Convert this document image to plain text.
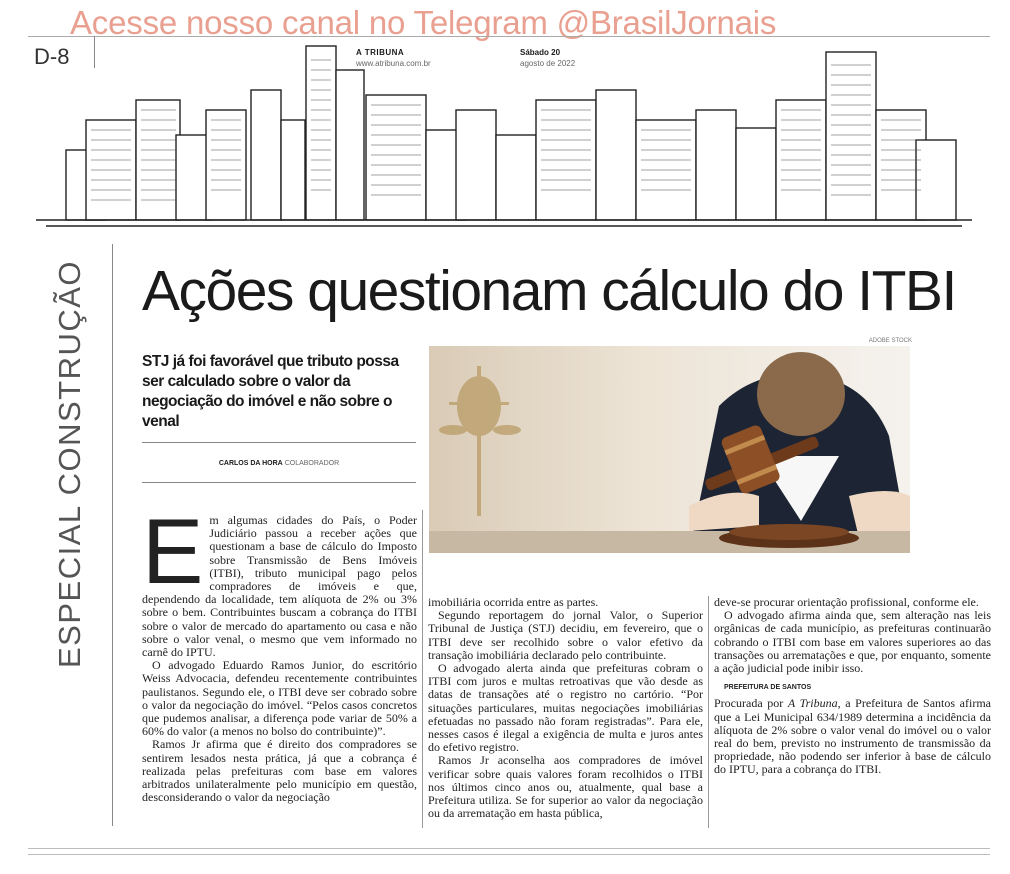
Acesse nosso canal no Telegram @BrasilJornais
D-8	A TRIBUNA
www.atribuna.com.br
Sábado 20
agosto de 2022
ESPECIAL CONSTRUÇÃO Ações questionam cálculo do ITBI
ADOBE STOCK
STJ já foi favorável que tributo possa ser calculado sobre o valor da negociação do imóvel e não sobre o venal
CARLOS DA HORA COLABORADOR
E m algumas cidades do País, o Poder Judiciário passou a receber ações que questionam a base de cálculo do Imposto sobre Transmissão de Bens Imóveis (ITBI), tributo municipal pago pelos compradores de imóveis e que, dependendo da localidade, tem alíquota de 2% ou 3% sobre o bem. Contribuintes buscam a cobrança do ITBI sobre o valor de mercado do apartamento ou casa e não sobre o valor venal, o mesmo que vem informado no carnê do IPTU.

O advogado Eduardo Ramos Junior, do escritório Weiss Advocacia, defendeu recentemente contribuintes paulistanos. Segundo ele, o ITBI deve ser cobrado sobre o valor da negociação do imóvel. “Pelos casos concretos que pudemos analisar, a diferença pode variar de 50% a 60% do valor (a menos no bolso do contribuinte)”.

Ramos Jr afirma que é direito dos compradores se sentirem lesados nesta prática, já que a cobrança é realizada pelas prefeituras com base em valores arbitrados unilateralmente pelo município em questão, desconsiderando o valor da negociação

imobiliária ocorrida entre as partes.

Segundo reportagem do jornal Valor, o Superior Tribunal de Justiça (STJ) decidiu, em fevereiro, que o ITBI deve ser recolhido sobre o valor efetivo da transação imobiliária declarado pelo contribuinte.

O advogado alerta ainda que prefeituras cobram o ITBI com juros e multas retroativas que vão desde as datas de transações até o registro no cartório. “Por situações particulares, muitas negociações imobiliárias efetuadas no passado não foram registradas”. Para ele, nesses casos é ilegal a exigência de multa e juros antes do efetivo registro.

Ramos Jr aconselha aos compradores de imóvel verificar sobre quais valores foram recolhidos o ITBI nos últimos cinco anos ou, atualmente, qual base a Prefeitura utiliza. Se for superior ao valor da negociação ou da arrematação em hasta pública,

deve-se procurar orientação profissional, conforme ele.

O advogado afirma ainda que, sem alteração nas leis orgânicas de cada município, as prefeituras continuarão cobrando o ITBI com base em valores superiores ao das transações ou arrematações e que, por enquanto, somente a ação judicial pode inibir isso.

PREFEITURA DE SANTOS

Procurada por A Tribuna, a Prefeitura de Santos afirma que a Lei Municipal 634/1989 determina a incidência da alíquota de 2% sobre o valor venal do imóvel ou o valor real do bem, previsto no instrumento de transmissão da propriedade, não podendo ser inferior à base de cálculo do IPTU, para a cobrança do ITBI.
